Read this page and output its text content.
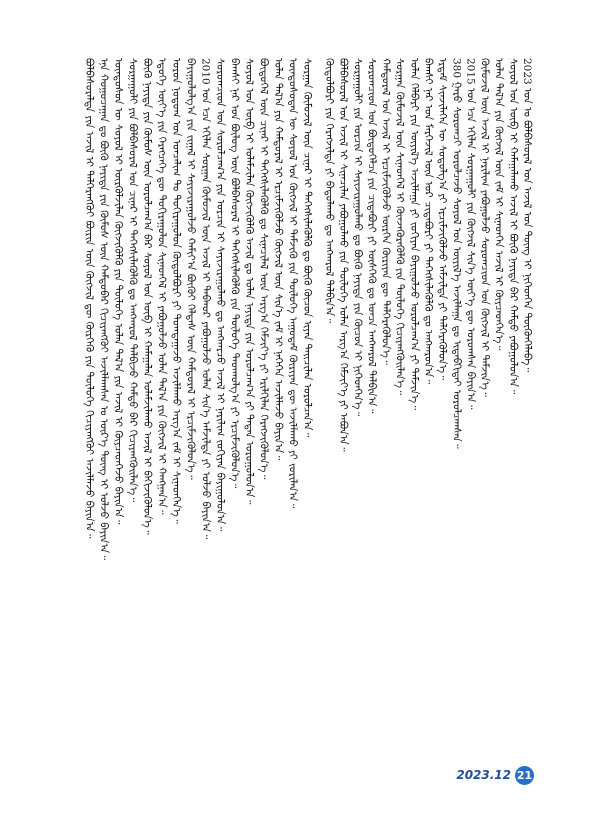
ᠪᠣᠯᠪᠠᠰᠤᠷᠠᠯᠳᠠ ᠶᠢᠨ ᠠᠵᠢᠯ ᠢ ᠳᠡᠯᠭᠡᠷᠡᠩᠭᠦᠢ ᠪᠦᠷᠢᠨ ᠦᠨ ᠬᠥᠭᠵᠢᠯ ᠳᠦ ᠬᠦᠷᠭᠡᠬᠦ ᠶᠢᠨ ᠲᠥᠯᠥᠭᠡ ᠬᠢᠴᠢᠶᠡᠩᠭᠦᠢ ᠠᠵᠢᠯᠯᠠᠵᠤ ᠪᠠᠶᠢᠨ᠎ᠠ᠃ ᠡᠨᠡ ᠬᠤᠭᠤᠴᠠᠭᠠᠨ ᠳᠤ ᠪᠦᠬᠦ ᠨᠡᠶᠢᠲᠡ ᠶᠢᠨ ᠬᠦᠮᠦᠰ ᠦᠨ ᠬᠠᠮᠳᠤᠪᠡᠷ ᠬᠢᠴᠢᠶᠡᠩᠭᠦᠢ ᠠᠵᠢᠯᠯᠠᠭᠰᠠᠨ ᠤ ᠦᠷ᠎ᠡ ᠳᠦᠩ ᠢ ᠣᠯᠵᠤ ᠪᠠᠶᠢᠨ᠎ᠠ᠃ ᠦᠨᠳᠦᠰᠦᠨ ᠦ ᠰᠣᠶᠣᠯ ᠢ ᠦᠷᠭᠦᠯᠵᠢᠯᠡᠨ ᠬᠥᠭᠵᠢᠭᠦᠯᠬᠦ ᠶᠢᠨ ᠲᠥᠯᠥᠭᠡ ᠣᠯᠠᠨ ᠲᠠᠯ᠎ᠠ ᠶᠢᠨ ᠠᠵᠢᠯ ᠢ ᠭᠦᠶᠴᠡᠳᠭᠡᠵᠦ ᠪᠠᠶᠢᠨ᠎ᠠ᠃ ᠰᠤᠷᠭᠠᠭᠤᠯᠢ ᠶᠢᠨ ᠪᠣᠯᠪᠠᠰᠤᠷᠠᠯ ᠤᠨ ᠴᠢᠨᠠᠷ ᠢ ᠳᠡᠭᠡᠭᠰᠢᠯᠡᠭᠦᠯᠬᠦ ᠳᠤ ᠠᠩᠬᠠᠷᠤᠯ ᠲᠠᠯᠪᠢᠵᠤ ᠬᠠᠮᠲᠤ ᠪᠡᠷ ᠬᠢᠴᠢᠶᠡᠩᠭᠦᠢᠯᠡᠨ᠎ᠡ᠃ ᠪᠦᠬᠦ ᠨᠡᠶᠢᠲᠡ ᠶᠢᠨ ᠬᠦᠮᠦᠰ ᠦᠨ ᠣᠷᠣᠯᠴᠠᠭ᠎ᠠ ᠪᠡᠷ ᠰᠣᠶᠣᠯ ᠤᠨ ᠥᠪ ᠢ ᠬᠠᠮᠠᠭᠠᠯᠠᠨ ᠤᠯᠠᠮᠵᠢᠯᠠᠬᠤ ᠠᠵᠢᠯ ᠢ ᠪᠡᠬᠢᠵᠢᠭᠦᠯᠦᠨ᠎ᠡ᠃ ᠡᠳᠦᠭᠡ ᠦᠶ᠎ᠡ ᠶᠢᠨ ᠬᠡᠷᠡᠭᠴᠡᠭᠡ ᠳᠦ ᠲᠣᠬᠢᠷᠠᠭᠤᠯᠤᠨ ᠰᠢᠨᠡᠳᠬᠡᠯ ᠢ ᠶᠠᠪᠤᠭᠤᠯᠵᠤ ᠣᠯᠠᠨ ᠲᠠᠯ᠎ᠠ ᠶᠢᠨ ᠬᠥᠭᠵᠢᠯ ᠢ ᠬᠠᠩᠭᠠᠨ᠎ᠠ᠃ ᠣᠷᠣᠨ ᠨᠤᠲᠤᠭ ᠤᠨ ᠣᠨᠴᠠᠯᠢᠭ ᠲᠤ ᠲᠣᠬᠢᠷᠠᠭᠤᠯᠤᠨ ᠬᠥᠲᠦᠯᠪᠦᠷᠢ ᠶᠢ ᠲᠣᠭᠲᠠᠭᠠᠵᠤ ᠠᠵᠢᠯᠯᠠᠬᠤ ᠠᠷᠭ᠎ᠠ ᠵᠠᠮ ᠢ ᠰᠢᠨᠡᠳᠭᠡᠨ᠎ᠡ᠃ ᠪᠠᠶᠢᠭᠤᠯᠤᠯᠭ᠎ᠠ ᠶᠢᠨ ᠵᠢᠭᠠᠯ ᠢ ᠰᠠᠶᠢᠵᠢᠷᠠᠭᠤᠯᠵᠤ ᠬᠠᠮᠢᠶ᠎ᠠ ᠪᠦᠬᠦᠢ ᠬᠡᠯᠲᠡᠰ ᠦᠨ ᠬᠠᠮᠲᠤᠷᠠᠯ ᠢ ᠡᠷᠴᠢᠮᠵᠢᠭᠦᠯᠦᠨ᠎ᠡ᠃ 2010 ᠣᠨ ᠡᠴᠡ ᠡᠬᠢᠯᠡᠨ ᠰᠤᠷᠭᠠᠨ ᠬᠦᠮᠦᠵᠢᠯ ᠦᠨ ᠠᠵᠢᠯ ᠢ ᠳᠠᠪᠬᠤᠷ ᠶᠠᠪᠤᠭᠤᠯᠵᠤ ᠣᠯᠠᠨ ᠰᠢᠨ᠎ᠡ ᠠᠮᠵᠢᠯᠲᠠ ᠶᠢ ᠣᠯᠵᠤ ᠪᠠᠶᠢᠨ᠎ᠠ᠃ ᠰᠤᠷᠤᠭᠴᠢᠳ ᠤᠨ ᠰᠤᠷᠤᠯᠴᠠᠭ᠎ᠠ ᠶᠢᠨ ᠣᠷᠴᠢᠨ ᠢ ᠰᠠᠶᠢᠵᠢᠷᠠᠭᠤᠯᠬᠤ ᠳᠤ ᠠᠩᠬᠠᠷᠴᠤ ᠠᠵᠢᠯ ᠢ ᠨᠠᠷᠢᠯᠢᠭ ᠵᠣᠬᠢᠶᠠᠨ ᠪᠠᠶᠢᠭᠤᠯᠤᠨ᠎ᠠ᠃ ᠪᠠᠭᠰᠢ ᠨᠠᠷ ᠤᠨ ᠪᠦᠯᠦᠭ ᠦᠨ ᠪᠣᠯᠪᠠᠰᠤᠷᠠᠯ ᠢ ᠳᠡᠭᠡᠭᠰᠢᠯᠡᠭᠦᠯᠬᠦ ᠶᠢᠨ ᠲᠥᠯᠥᠭᠡ ᠳᠠᠳᠬᠤᠯᠭ᠎ᠠ ᠶᠢ ᠡᠷᠴᠢᠮᠵᠢᠭᠦᠯᠦᠨ᠎ᠡ᠃ ᠰᠣᠶᠣᠯ ᠤᠨ ᠥᠪ ᠢ ᠤᠯᠠᠮᠵᠢᠯᠠᠨ ᠬᠥᠭᠵᠢᠭᠦᠯᠬᠦ ᠠᠵᠢᠯ ᠳᠤ ᠣᠯᠠᠨ ᠨᠡᠶᠢᠲᠡ ᠶᠢᠨ ᠣᠷᠣᠯᠴᠠᠭ᠎ᠠ ᠶᠢ ᠲᠠᠲᠠᠨ ᠣᠷᠣᠭᠤᠯᠤᠨ᠎ᠠ᠃ ᠪᠦᠲᠦᠭᠡᠯ ᠦᠨ ᠴᠢᠨᠠᠷ ᠢ ᠳᠡᠭᠡᠭᠰᠢᠯᠡᠭᠦᠯᠬᠦ ᠳᠤ ᠰᠢᠨᠡᠴᠢᠯᠡᠯ ᠦᠨ ᠠᠷᠭ᠎ᠠ ᠬᠡᠮᠵᠢᠶ᠎ᠡ ᠶᠢ ᠡᠷᠢᠯᠬᠢᠯᠡᠨ ᠬᠡᠷᠡᠭᠵᠢᠭᠦᠯᠦᠨ᠎ᠡ᠃ ᠣᠯᠠᠨ ᠲᠠᠯ᠎ᠠ ᠶᠢᠨ ᠬᠠᠮᠲᠤᠷᠠᠯ ᠢ ᠡᠷᠴᠢᠮᠵᠢᠭᠦᠯᠵᠦ ᠬᠥᠭᠵᠢᠯ ᠦᠨ ᠰᠢᠨ᠎ᠡ ᠵᠠᠮ ᠢ ᠨᠡᠭᠡᠭᠡᠨ ᠠᠵᠢᠯᠯᠠᠵᠤ ᠪᠠᠶᠢᠨ᠎ᠠ᠃ ᠦᠨᠳᠦᠰᠦᠲᠡᠨ ᠦ ᠰᠣᠶᠣᠯ ᠤᠨ ᠬᠥᠭᠵᠢᠯ ᠢ ᠳᠡᠮᠵᠢᠬᠦ ᠶᠢᠨ ᠲᠥᠯᠥᠭᠡ ᠠᠭᠤᠳᠠᠮ ᠬᠦᠷᠢᠶᠡᠨ ᠳᠦ ᠠᠵᠢᠯᠯᠠᠬᠤ ᠶᠢ ᠵᠣᠷᠢᠯᠠᠨ᠎ᠠ᠃ ᠰᠤᠷᠭᠠᠨ ᠬᠦᠮᠦᠵᠢᠯ ᠦᠨ ᠴᠢᠨᠠᠷ ᠢ ᠳᠡᠭᠡᠭᠰᠢᠯᠡᠭᠦᠯᠬᠦ ᠳᠤ ᠪᠦᠬᠦ ᠬᠦᠴᠦᠨ ᠢᠶᠡᠨ ᠳᠠᠢᠴᠢᠯᠠᠨ ᠣᠷᠣᠯᠴᠠᠨ᠎ᠠ᠃ ᠬᠥᠲᠦᠯᠪᠦᠷᠢ ᠶᠢᠨ ᠬᠡᠷᠡᠭᠵᠢᠯᠲᠡ ᠶᠢ ᠪᠠᠲᠤᠯᠠᠬᠤ ᠳᠤ ᠠᠩᠬᠠᠷᠤᠯ ᠲᠠᠯᠪᠢᠨ᠎ᠠ᠃ ᠪᠣᠯᠪᠠᠰᠤᠷᠠᠯ ᠤᠨ ᠠᠵᠢᠯ ᠢ ᠰᠢᠨᠡᠴᠢᠯᠡᠨ ᠶᠠᠪᠤᠭᠤᠯᠬᠤ ᠶᠢᠨ ᠲᠥᠯᠥᠭᠡ ᠣᠯᠠᠨ ᠠᠷᠭ᠎ᠠ ᠬᠡᠮᠵᠢᠶ᠎ᠡ ᠶᠢ ᠠᠪᠤᠨ᠎ᠠ᠃ ᠰᠤᠷᠭᠠᠭᠤᠯᠢ ᠶᠢᠨ ᠣᠷᠴᠢᠨ ᠢ ᠰᠠᠶᠢᠵᠢᠷᠠᠭᠤᠯᠬᠤ ᠳᠤ ᠪᠦᠬᠦ ᠨᠡᠶᠢᠲᠡ ᠶᠢᠨ ᠬᠦᠴᠦᠨ ᠢ ᠨᠢᠭᠡᠳᠭᠡᠨ᠎ᠡ᠃ ᠰᠤᠷᠤᠭᠴᠢᠳ ᠤᠨ ᠪᠦᠲᠦᠭᠡᠯᠴᠡ ᠶᠢᠨ ᠴᠢᠳᠠᠪᠤᠷᠢ ᠶᠢ ᠥᠰᠭᠡᠬᠦ ᠳᠤ ᠣᠨᠴᠠ ᠠᠩᠬᠠᠷᠤᠯ ᠲᠠᠯᠪᠢᠨ᠎ᠠ᠃ ᠬᠠᠮᠲᠤᠷᠠᠯ ᠤᠨ ᠠᠵᠢᠯ ᠢ ᠡᠷᠴᠢᠮᠵᠢᠭᠦᠯᠵᠦ ᠥᠷᠭᠡᠨ ᠬᠦᠷᠢᠶᠡᠨ ᠳᠦ ᠳᠡᠯᠭᠡᠷᠡᠭᠦᠯᠦᠨ᠎ᠡ᠃ ᠰᠤᠷᠭᠠᠨ ᠬᠦᠮᠦᠵᠢᠯ ᠦᠨ ᠰᠢᠨᠡᠳᠬᠡᠯ ᠢ ᠭᠦᠨᠵᠡᠭᠦᠷᠡᠭᠦᠯᠬᠦ ᠶᠢᠨ ᠲᠥᠯᠥᠭᠡ ᠬᠢᠴᠢᠶᠡᠩᠭᠦᠢᠯᠡᠨ᠎ᠡ᠃ ᠣᠯᠠᠨ ᠬᠡᠯᠪᠡᠷᠢ ᠶᠢᠨ ᠦᠶᠢᠯ᠎ᠡ ᠠᠵᠢᠯᠯᠠᠭᠠ ᠶᠢ ᠵᠣᠬᠢᠶᠠᠨ ᠪᠠᠶᠢᠭᠤᠯᠵᠤ ᠣᠷᠣᠯᠴᠠᠭ᠎ᠠ ᠶᠢ ᠳᠡᠮᠵᠢᠨ᠎ᠡ᠃ ᠪᠠᠭᠰᠢ ᠨᠠᠷ ᠤᠨ ᠮᠡᠷᠭᠡᠵᠢᠯ ᠦᠨ ᠤᠷ ᠴᠢᠳᠠᠪᠤᠷᠢ ᠶᠢ ᠳᠡᠭᠡᠭᠰᠢᠯᠡᠭᠦᠯᠬᠦ ᠳᠤ ᠠᠩᠬᠠᠷᠤᠨ᠎ᠠ᠃ ᠡᠷᠳᠡᠮ ᠰᠢᠨᠵᠢᠯᠡᠭᠡᠨ ᠦ ᠰᠤᠳᠤᠯᠭ᠎ᠠ ᠶᠢ ᠡᠷᠴᠢᠮᠵᠢᠭᠦᠯᠵᠦ ᠠᠮᠵᠢᠯᠲᠠ ᠶᠢ ᠳᠡᠯᠭᠡᠷᠡᠭᠦᠯᠦᠨ᠎ᠡ᠃ 380 ᠭᠠᠷᠤ ᠰᠤᠷᠤᠭᠴᠢ ᠣᠷᠣᠯᠴᠠᠵᠤ ᠰᠣᠶᠣᠯ ᠤᠨ ᠦᠶᠢᠯ᠎ᠡ ᠠᠵᠢᠯᠯᠠᠭᠠ ᠳᠤ ᠢᠳᠡᠪᠬᠢᠲᠡᠶ ᠣᠷᠣᠯᠴᠠᠭᠰᠠᠨ᠃ 2015 ᠣᠨ ᠡᠴᠡ ᠡᠬᠢᠯᠡᠨ ᠰᠤᠷᠭᠠᠭᠤᠯᠢ ᠶᠢᠨ ᠬᠥᠭᠵᠢᠯ ᠰᠢᠨ᠎ᠡ ᠦᠶ᠎ᠡ ᠳᠦ ᠣᠷᠣᠭᠰᠠᠨ ᠪᠠᠶᠢᠨ᠎ᠠ᠃ ᠬᠦᠮᠦᠵᠢᠯ ᠦᠨ ᠠᠵᠢᠯ ᠢ ᠨᠠᠷᠢᠯᠢᠭ ᠶᠠᠪᠤᠭᠤᠯᠵᠤ ᠰᠤᠷᠤᠭᠴᠢᠳ ᠤᠨ ᠬᠥᠭᠵᠢᠯ ᠢ ᠳᠡᠮᠵᠢᠨ᠎ᠡ᠃ ᠣᠯᠠᠨ ᠲᠠᠯ᠎ᠠ ᠶᠢᠨ ᠬᠥᠭᠵᠢᠯ ᠦᠨ ᠵᠠᠮ ᠢ ᠰᠢᠨᠡᠳᠭᠡᠨ ᠠᠵᠢᠯ ᠢ ᠭᠦᠶᠴᠡᠳᠭᠡᠨ᠎ᠡ᠃ ᠰᠣᠶᠣᠯ ᠤᠨ ᠥᠪ ᠢ ᠬᠠᠮᠠᠭᠠᠯᠠᠬᠤ ᠠᠵᠢᠯ ᠢ ᠪᠦᠬᠦ ᠨᠡᠶᠢᠲᠡ ᠪᠡᠷ ᠬᠠᠮᠲᠤ ᠶᠠᠪᠤᠭᠤᠯᠤᠨ᠎ᠠ᠃ 2023 ᠣᠨ ᠤ ᠪᠣᠯᠪᠠᠰᠤᠷᠠᠯ ᠤᠨ ᠠᠵᠢᠯ ᠤᠨ ᠳᠦᠩ ᠢ ᠨᠢᠭᠡᠳᠬᠡᠨ ᠳᠦᠭᠦᠨᠭᠡᠯᠡᠪᠡ᠃
2023.12 21
